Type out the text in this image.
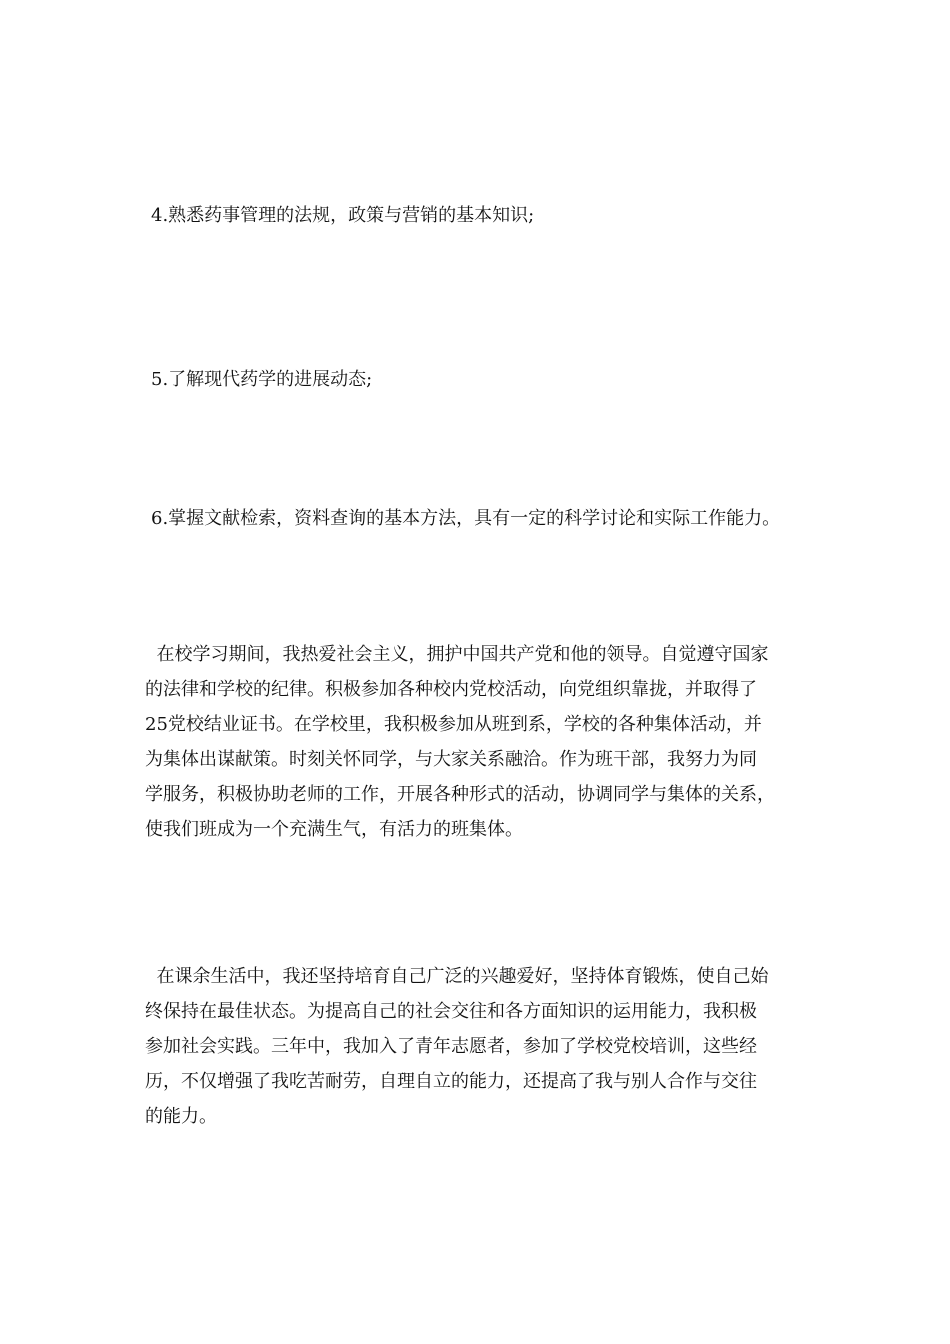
4.熟悉药事管理的法规，政策与营销的基本知识;

5.了解现代药学的进展动态;

6.掌握文献检索，资料查询的基本方法，具有一定的科学讨论和实际工作能力。

在校学习期间，我热爱社会主义，拥护中国共产党和他的领导。自觉遵守国家
的法律和学校的纪律。积极参加各种校内党校活动，向党组织靠拢，并取得了
25党校结业证书。在学校里，我积极参加从班到系，学校的各种集体活动，并
为集体出谋献策。时刻关怀同学，与大家关系融洽。作为班干部，我努力为同
学服务，积极协助老师的工作，开展各种形式的活动，协调同学与集体的关系，
使我们班成为一个充满生气，有活力的班集体。
在课余生活中，我还坚持培育自己广泛的兴趣爱好，坚持体育锻炼，使自己始
终保持在最佳状态。为提高自己的社会交往和各方面知识的运用能力，我积极
参加社会实践。三年中，我加入了青年志愿者，参加了学校党校培训，这些经
历，不仅增强了我吃苦耐劳，自理自立的能力，还提高了我与别人合作与交往
的能力。
